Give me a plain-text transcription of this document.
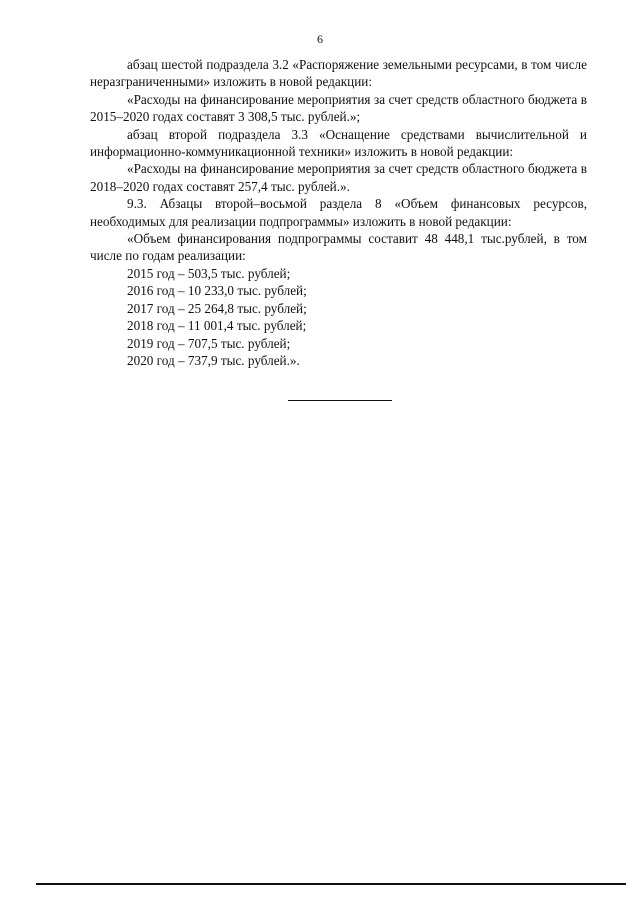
6

абзац шестой подраздела 3.2 «Распоряжение земельными ресурсами, в том числе неразграниченными» изложить в новой редакции:

«Расходы на финансирование мероприятия за счет средств областного бюджета в 2015–2020 годах составят 3 308,5 тыс. рублей.»;

абзац второй подраздела 3.3 «Оснащение средствами вычислительной и информационно-коммуникационной техники» изложить в новой редакции:

«Расходы на финансирование мероприятия за счет средств областного бюджета в 2018–2020 годах составят 257,4 тыс. рублей.».

9.3. Абзацы второй–восьмой раздела 8 «Объем финансовых ресурсов, необходимых для реализации подпрограммы» изложить в новой редакции:

«Объем финансирования подпрограммы составит 48 448,1 тыс.рублей, в том числе по годам реализации:

2015 год – 503,5 тыс. рублей;

2016 год – 10 233,0 тыс. рублей;

2017 год – 25 264,8 тыс. рублей;

2018 год – 11 001,4 тыс. рублей;

2019 год – 707,5 тыс. рублей;

2020 год – 737,9 тыс. рублей.».
